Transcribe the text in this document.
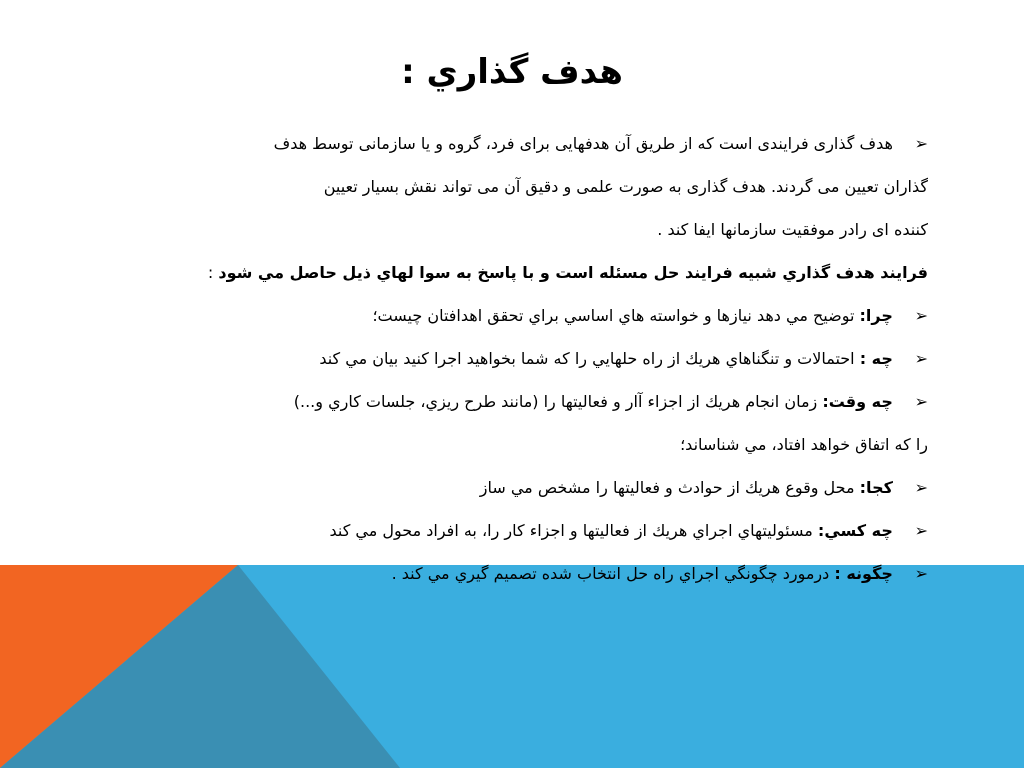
هدف گذاري :
➢ هدف گذاری فرایندی است که از طریق آن هدفهایی برای فرد، گروه و یا سازمانی توسط هدف
گذاران تعیین می گردند. هدف گذاری به صورت علمی و دقیق آن می تواند نقش بسیار تعیین
کننده ای رادر موفقیت سازمانها ایفا کند .
فرايند هدف گذاري شبيه فرايند حل مسئله است و با پاسخ به سوا لهاي ذيل حاصل مي شود :
➢ چرا: توضيح مي دهد نيازها و خواسته هاي اساسي براي تحقق اهدافتان چيست؛
➢ چه : احتمالات و تنگناهاي هريك از راه حلهايي را كه شما بخواهيد اجرا كنيد بيان مي كند
➢ چه وقت: زمان انجام هريك از اجزاء آار و فعاليتها را (مانند طرح ريزي، جلسات كاري و...)
را كه اتفاق خواهد افتاد، مي شناساند؛
➢ كجا: محل وقوع هريك از حوادث و فعاليتها را مشخص مي ساز
➢ چه كسي: مسئوليتهاي اجراي هريك از فعاليتها و اجزاء كار را، به افراد محول مي كند
➢ چگونه : درمورد چگونگي اجراي راه حل انتخاب شده تصميم گيري مي كند .
